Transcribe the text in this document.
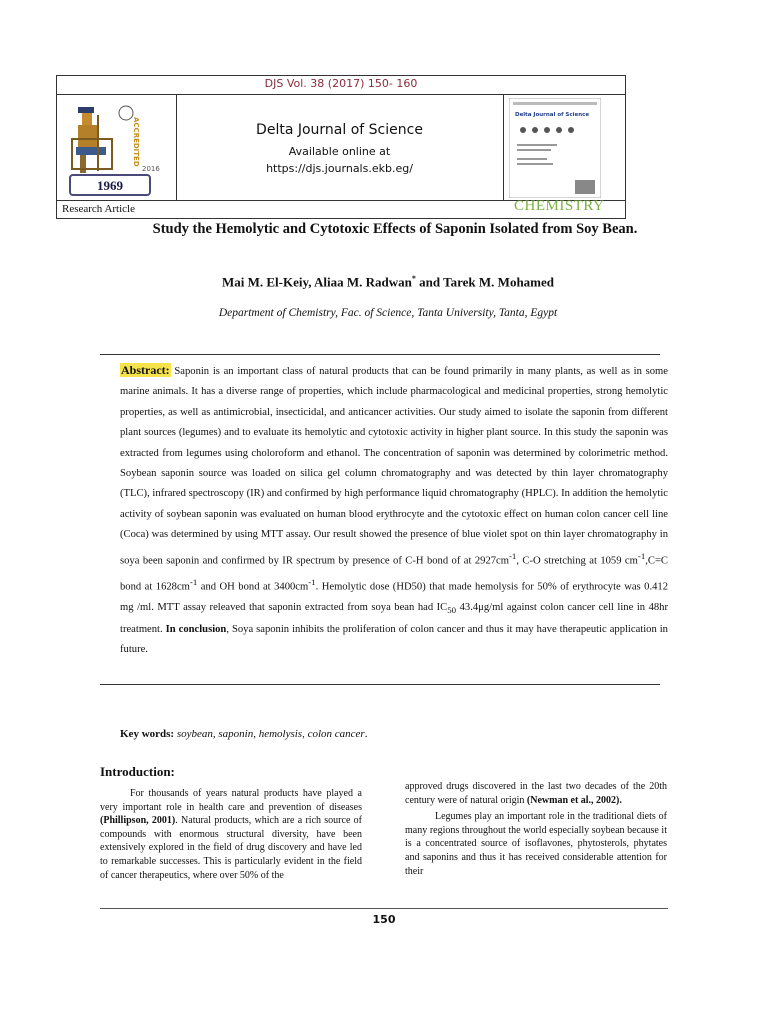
DJS Vol. 38 (2017) 150- 160
ACCREDITED
2016
1969
Delta Journal of Science
Available online at
https://djs.journals.ekb.eg/
Delta Journal of Science
Research Article	CHEMISTRY
Study the Hemolytic and Cytotoxic Effects of Saponin Isolated from Soy Bean.
Mai M. El-Keiy, Aliaa M. Radwan* and Tarek M. Mohamed
Department of Chemistry, Fac. of Science, Tanta University, Tanta, Egypt
Abstract: Saponin is an important class of natural products that can be found primarily in many plants, as well as in some marine animals. It has a diverse range of properties, which include pharmacological and medicinal properties, strong hemolytic properties, as well as antimicrobial, insecticidal, and anticancer activities. Our study aimed to isolate the saponin from different plant sources (legumes) and to evaluate its hemolytic and cytotoxic activity in higher plant source. In this study the saponin was extracted from legumes using choloroform and ethanol. The concentration of saponin was determined by colorimetric method. Soybean saponin source was loaded on silica gel column chromatography and was detected by thin layer chromatography (TLC), infrared spectroscopy (IR) and confirmed by high performance liquid chromatography (HPLC). In addition the hemolytic activity of soybean saponin was evaluated on human blood erythrocyte and the cytotoxic effect on human colon cancer cell line (Coca) was determined by using MTT assay. Our result showed the presence of blue violet spot on thin layer chromatography in soya been saponin and confirmed by IR spectrum by presence of C-H bond of at $2927cm^{-1}$, C-O stretching at 1059 $cm^{-1},C=C$ bond at $1628cm^{-1}$ and OH bond at $3400cm^{-1}$. Hemolytic dose (HD50) that made hemolysis for 50% of erythrocyte was 0.412 mg /ml. MTT assay releaved that saponin extracted from soya bean had $IC_{50}$ 43.4μg/ml against colon cancer cell line in 48hr treatment. In conclusion, Soya saponin inhibits the proliferation of colon cancer and thus it may have therapeutic application in future.
Key words: soybean, saponin, hemolysis, colon cancer.
Introduction:
For thousands of years natural products have played a very important role in health care and prevention of diseases (Phillipson, 2001). Natural products, which are a rich source of compounds with enormous structural diversity, have been extensively explored in the field of drug discovery and have led to remarkable successes. This is particularly evident in the field of cancer therapeutics, where over 50% of the
approved drugs discovered in the last two decades of the 20th century were of natural origin (Newman et al., 2002).
Legumes play an important role in the traditional diets of many regions throughout the world especially soybean because it is a concentrated source of isoflavones, phytosterols, phytates and saponins and thus it has received considerable attention for their
150
